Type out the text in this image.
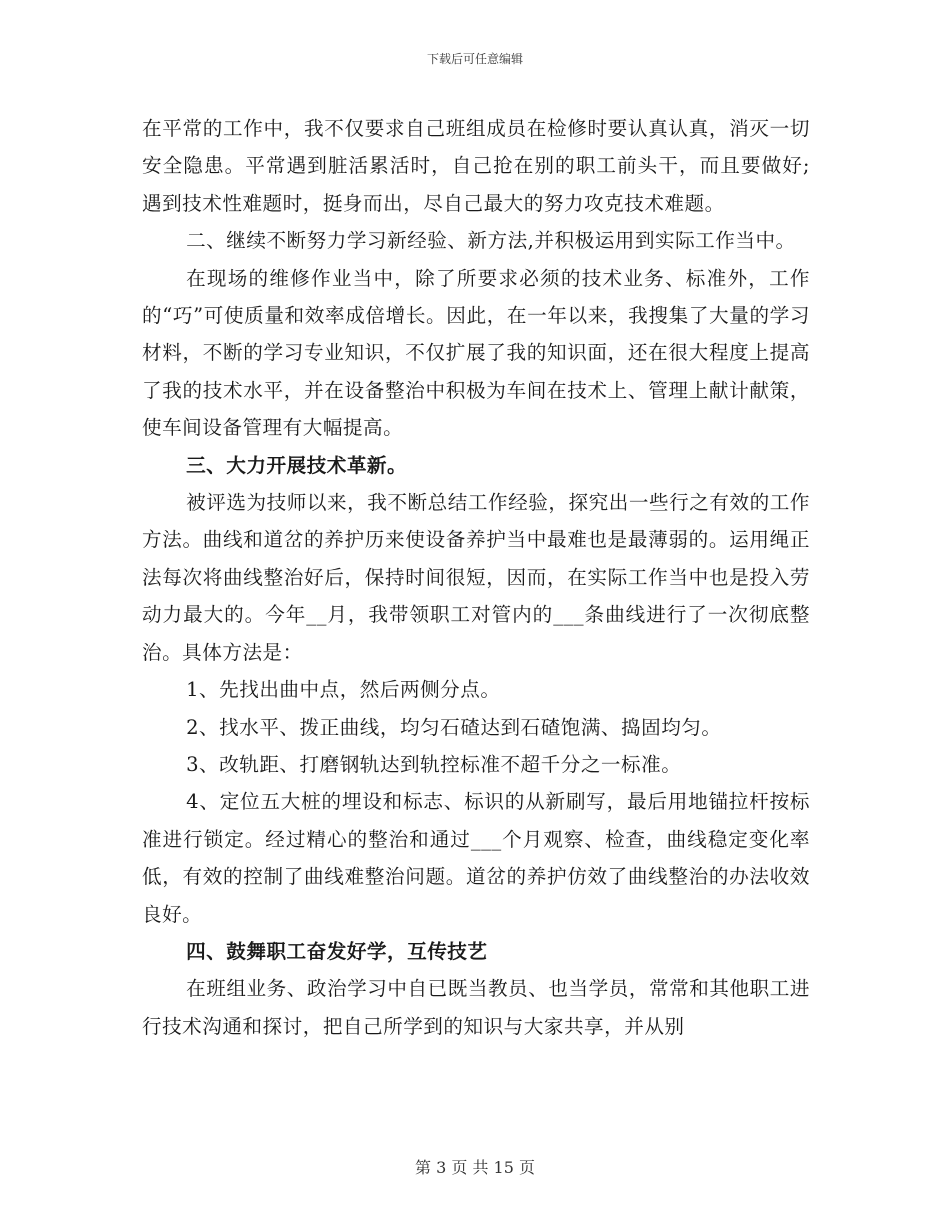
下载后可任意编辑

在平常的工作中，我不仅要求自己班组成员在检修时要认真认真，消灭一切安全隐患。平常遇到脏活累活时，自己抢在别的职工前头干，而且要做好;遇到技术性难题时，挺身而出，尽自己最大的努力攻克技术难题。

二、继续不断努力学习新经验、新方法,并积极运用到实际工作当中。

在现场的维修作业当中，除了所要求必须的技术业务、标准外，工作的“巧”可使质量和效率成倍增长。因此，在一年以来，我搜集了大量的学习材料，不断的学习专业知识，不仅扩展了我的知识面，还在很大程度上提高了我的技术水平，并在设备整治中积极为车间在技术上、管理上献计献策，使车间设备管理有大幅提高。

三、大力开展技术革新。

被评选为技师以来，我不断总结工作经验，探究出一些行之有效的工作方法。曲线和道岔的养护历来使设备养护当中最难也是最薄弱的。运用绳正法每次将曲线整治好后，保持时间很短，因而，在实际工作当中也是投入劳动力最大的。今年__月，我带领职工对管内的___条曲线进行了一次彻底整治。具体方法是：

1、先找出曲中点，然后两侧分点。

2、找水平、拨正曲线，均匀石碴达到石碴饱满、捣固均匀。

3、改轨距、打磨钢轨达到轨控标准不超千分之一标准。

4、定位五大桩的埋设和标志、标识的从新刷写，最后用地锚拉杆按标准进行锁定。经过精心的整治和通过___个月观察、检查，曲线稳定变化率低，有效的控制了曲线难整治问题。道岔的养护仿效了曲线整治的办法收效良好。

四、鼓舞职工奋发好学，互传技艺

在班组业务、政治学习中自已既当教员、也当学员，常常和其他职工进行技术沟通和探讨，把自己所学到的知识与大家共享，并从别

第 3 页 共 15 页
